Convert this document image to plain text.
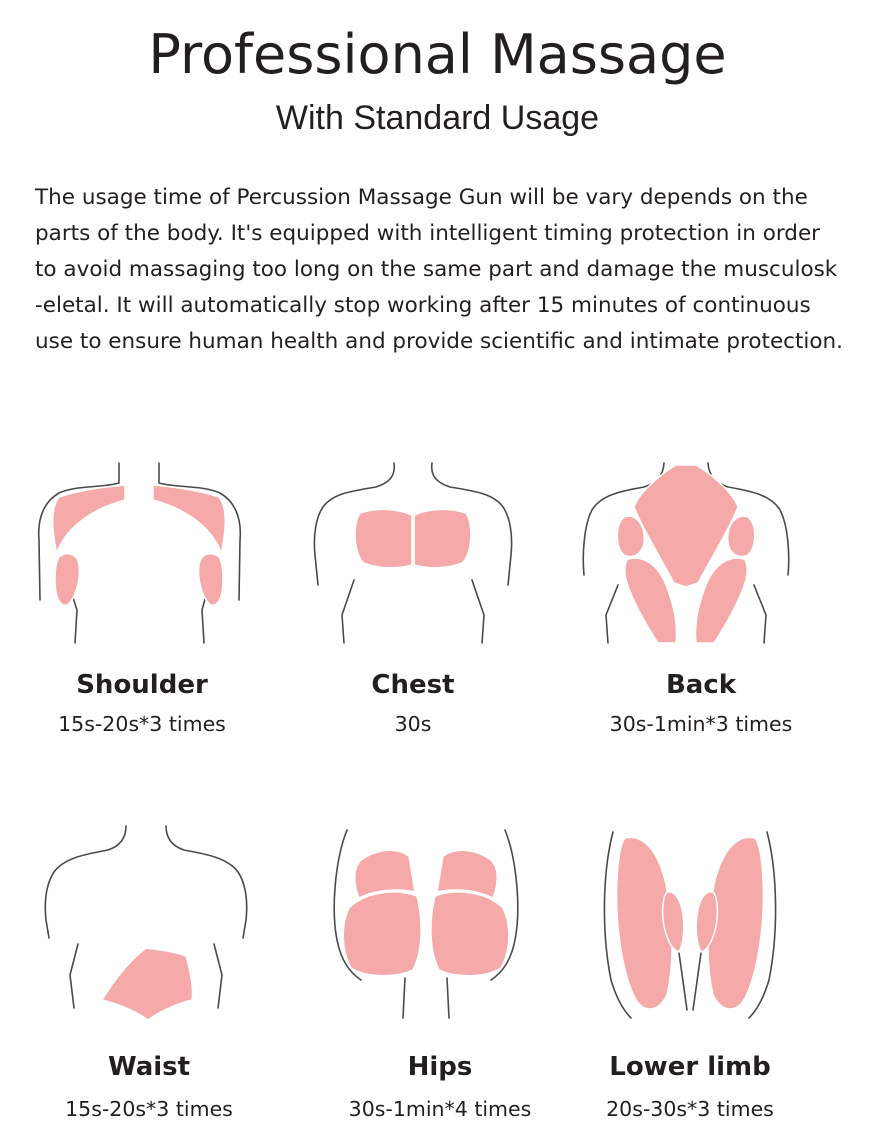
Professional Massage
With Standard Usage

The usage time of Percussion Massage Gun will be vary depends on the
parts of the body. It's equipped with intelligent timing protection in order
to avoid massaging too long on the same part and damage the musculosk
-eletal. It will automatically stop working after 15 minutes of continuous
use to ensure human health and provide scientific and intimate protection.

Shoulder
15s-20s*3 times
Chest
30s
Back
30s-1min*3 times
Waist
15s-20s*3 times
Hips
30s-1min*4 times
Lower limb
20s-30s*3 times
